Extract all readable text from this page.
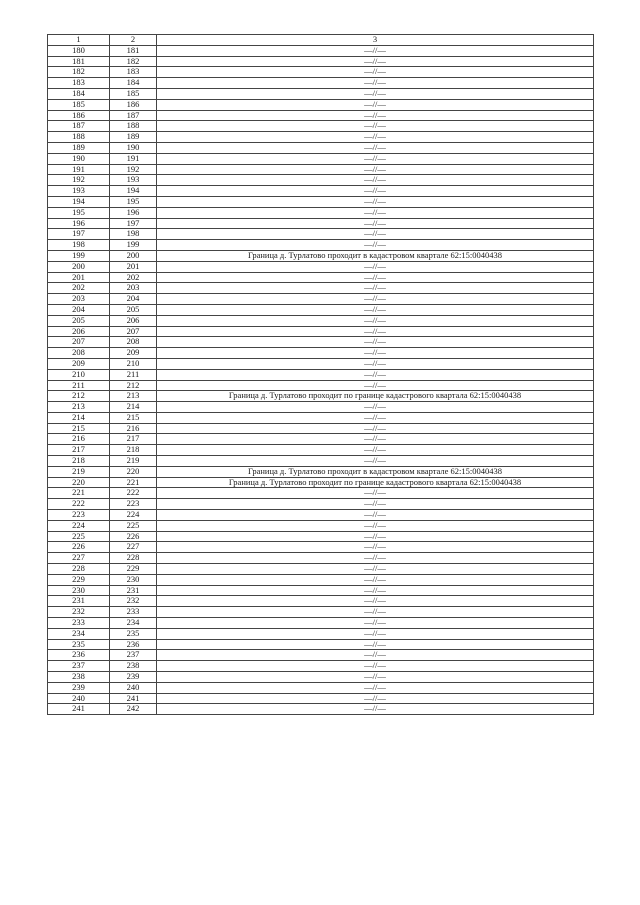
1	2	3
180	181	—//—
181	182	—//—
182	183	—//—
183	184	—//—
184	185	—//—
185	186	—//—
186	187	—//—
187	188	—//—
188	189	—//—
189	190	—//—
190	191	—//—
191	192	—//—
192	193	—//—
193	194	—//—
194	195	—//—
195	196	—//—
196	197	—//—
197	198	—//—
198	199	—//—
199	200	Граница д. Турлатово проходит в кадастровом квартале 62:15:0040438
200	201	—//—
201	202	—//—
202	203	—//—
203	204	—//—
204	205	—//—
205	206	—//—
206	207	—//—
207	208	—//—
208	209	—//—
209	210	—//—
210	211	—//—
211	212	—//—
212	213	Граница д. Турлатово проходит по границе кадастрового квартала 62:15:0040438
213	214	—//—
214	215	—//—
215	216	—//—
216	217	—//—
217	218	—//—
218	219	—//—
219	220	Граница д. Турлатово проходит в кадастровом квартале 62:15:0040438
220	221	Граница д. Турлатово проходит по границе кадастрового квартала 62:15:0040438
221	222	—//—
222	223	—//—
223	224	—//—
224	225	—//—
225	226	—//—
226	227	—//—
227	228	—//—
228	229	—//—
229	230	—//—
230	231	—//—
231	232	—//—
232	233	—//—
233	234	—//—
234	235	—//—
235	236	—//—
236	237	—//—
237	238	—//—
238	239	—//—
239	240	—//—
240	241	—//—
241	242	—//—
